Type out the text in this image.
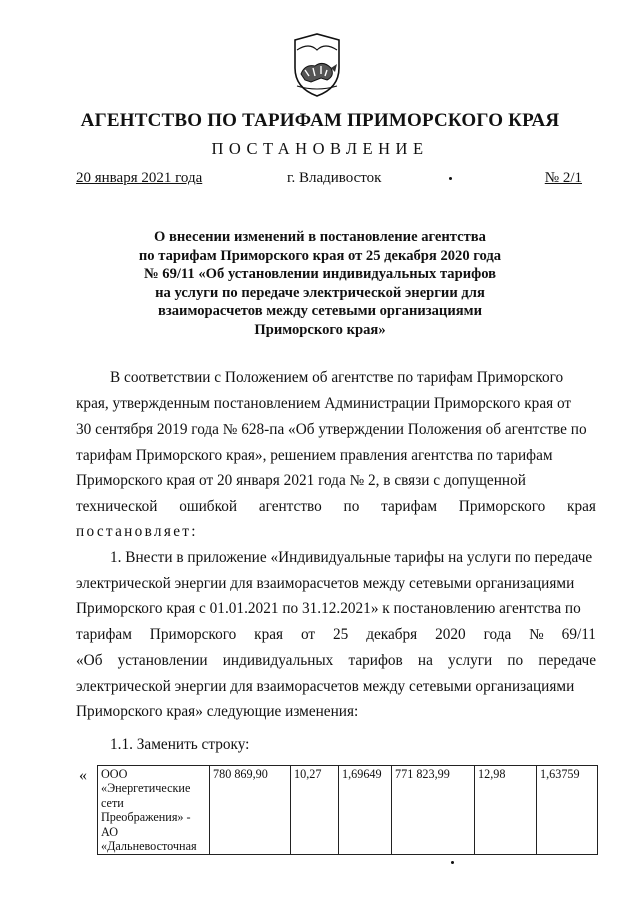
АГЕНТСТВО ПО ТАРИФАМ ПРИМОРСКОГО КРАЯ
ПОСТАНОВЛЕНИЕ
20 января 2021 года	г. Владивосток	№ 2/1
О внесении изменений в постановление агентства
по тарифам Приморского края от 25 декабря 2020 года
№ 69/11 «Об установлении индивидуальных тарифов
на услуги по передаче электрической энергии для
взаиморасчетов между сетевыми организациями
Приморского края»
В соответствии с Положением об агентстве по тарифам Приморского
края, утвержденным постановлением Администрации Приморского края от
30 сентября 2019 года № 628-па «Об утверждении Положения об агентстве по
тарифам Приморского края», решением правления агентства по тарифам
Приморского края от 20 января 2021 года № 2, в связи с допущенной
технической ошибкой агентство по тарифам Приморского края
постановляет:
1. Внести в приложение «Индивидуальные тарифы на услуги по передаче
электрической энергии для взаиморасчетов между сетевыми организациями
Приморского края с 01.01.2021 по 31.12.2021» к постановлению агентства по
тарифам Приморского края от 25 декабря 2020 года № 69/11
«Об установлении индивидуальных тарифов на услуги по передаче
электрической энергии для взаиморасчетов между сетевыми организациями
Приморского края» следующие изменения:
1.1. Заменить строку:
« ООО
«Энергетические
сети
Преображения» -
АО
«Дальневосточная
	780 869,90	10,27	1,69649	771 823,99	12,98	1,63759
